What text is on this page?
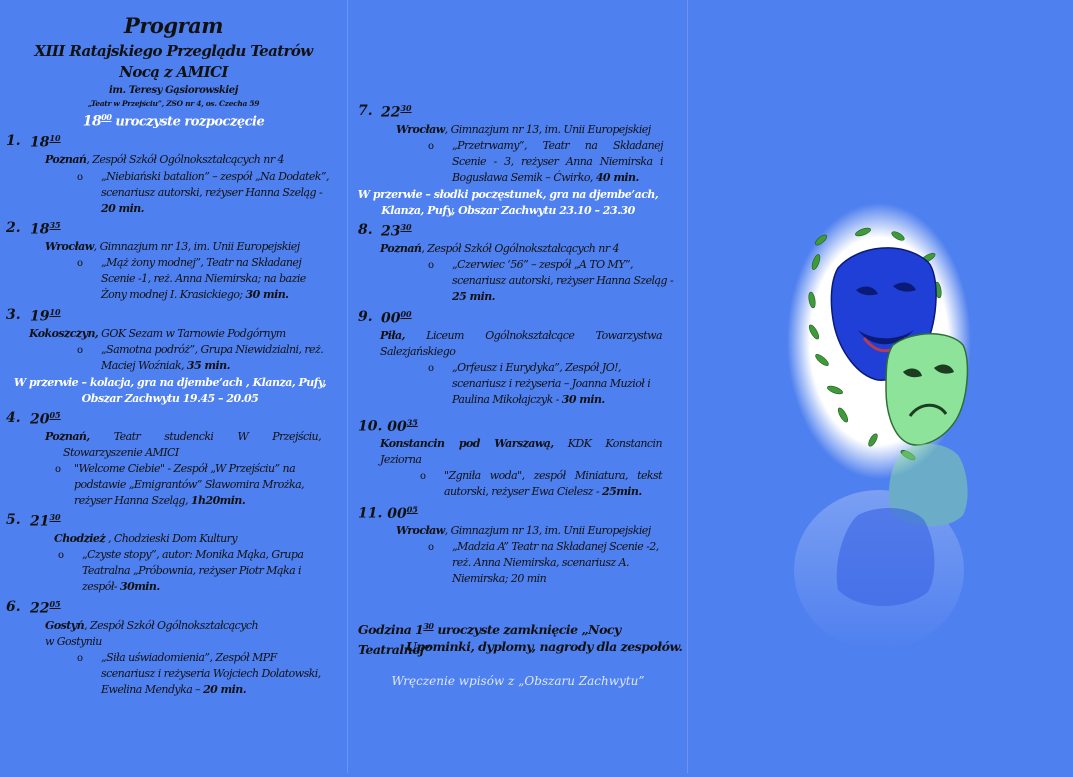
Program
XIII Ratajskiego Przeglądu Teatrów
Nocą z AMICI
im. Teresy Gąsiorowskiej
„Teatr w Przejściu”, ZSO nr 4, os. Czecha 59
$18^{00}$ uroczyste rozpoczęcie
1. $18^{10}$
Poznań, Zespół Szkół Ogólnokształcących nr 4
o „Niebiański batalion” – zespół „Na Dodatek”,
scenariusz autorski, reżyser Hanna Szeląg -
20 min.
2. $18^{35}$
Wrocław, Gimnazjum nr 13, im. Unii Europejskiej
o „Mąż żony modnej”, Teatr na Składanej
Scenie -1, reż. Anna Niemirska; na bazie
Żony modnej I. Krasickiego; 30 min.
3. $19^{10}$
Kokoszczyn, GOK Sezam w Tarnowie Podgórnym
o „Samotna podróż”, Grupa Niewidzialni, reż.
Maciej Woźniak, 35 min.
W przerwie – kolacja, gra na djembe’ach , Klanza, Pufy,
Obszar Zachwytu 19.45 – 20.05
4. $20^{05}$
Poznań, Teatr studencki W Przejściu,
Stowarzyszenie AMICI
o "Welcome Ciebie" - Zespół „W Przejściu” na
podstawie „Emigrantów” Sławomira Mrożka,
reżyser Hanna Szeląg, 1h20min.
5. $21^{30}$
Chodzież , Chodzieski Dom Kultury
o „Czyste stopy”, autor: Monika Mąka, Grupa
Teatralna „Próbownia, reżyser Piotr Mąka i
zespół- 30min.
6. $22^{05}$
Gostyń, Zespół Szkół Ogólnokształcących
w Gostyniu
o „Siła uświadomienia”, Zespół MPF
scenariusz i reżyseria Wojciech Dolatowski,
Ewelina Mendyka – 20 min.
7. $22^{30}$
Wrocław, Gimnazjum nr 13, im. Unii Europejskiej
o „Przetrwamy”, Teatr na Składanej
Scenie - 3, reżyser Anna Niemirska i
Bogusława Semik – Ćwirko, 40 min.
W przerwie – słodki poczęstunek, gra na djembe’ach,
Klanza, Pufy, Obszar Zachwytu 23.10 – 23.30
8. $23^{30}$
Poznań, Zespół Szkół Ogólnokształcących nr 4
o „Czerwiec ‘56” – zespół „A TO MY”,
scenariusz autorski, reżyser Hanna Szeląg -
25 min.
9. $00^{00}$
Piła, Liceum Ogólnokształcące Towarzystwa
Salezjańskiego
o „Orfeusz i Eurydyka”, Zespół JO!,
scenariusz i reżyseria – Joanna Muzioł i
Paulina Mikołajczyk - 30 min.
10. $00^{35}$
Konstancin pod Warszawą, KDK Konstancin
Jeziorna
o "Zgniła woda", zespół Miniatura, tekst
autorski, reżyser Ewa Cielesz - 25min.
11. $00^{05}$
Wrocław, Gimnazjum nr 13, im. Unii Europejskiej
o „Madzia A” Teatr na Składanej Scenie -2,
reż. Anna Niemirska, scenariusz A.
Niemirska; 20 min
Godzina $1^{30}$ uroczyste zamknięcie „Nocy Teatralnej”
Upominki, dyplomy, nagrody dla zespołów.
Wręczenie wpisów z „Obszaru Zachwytu”
